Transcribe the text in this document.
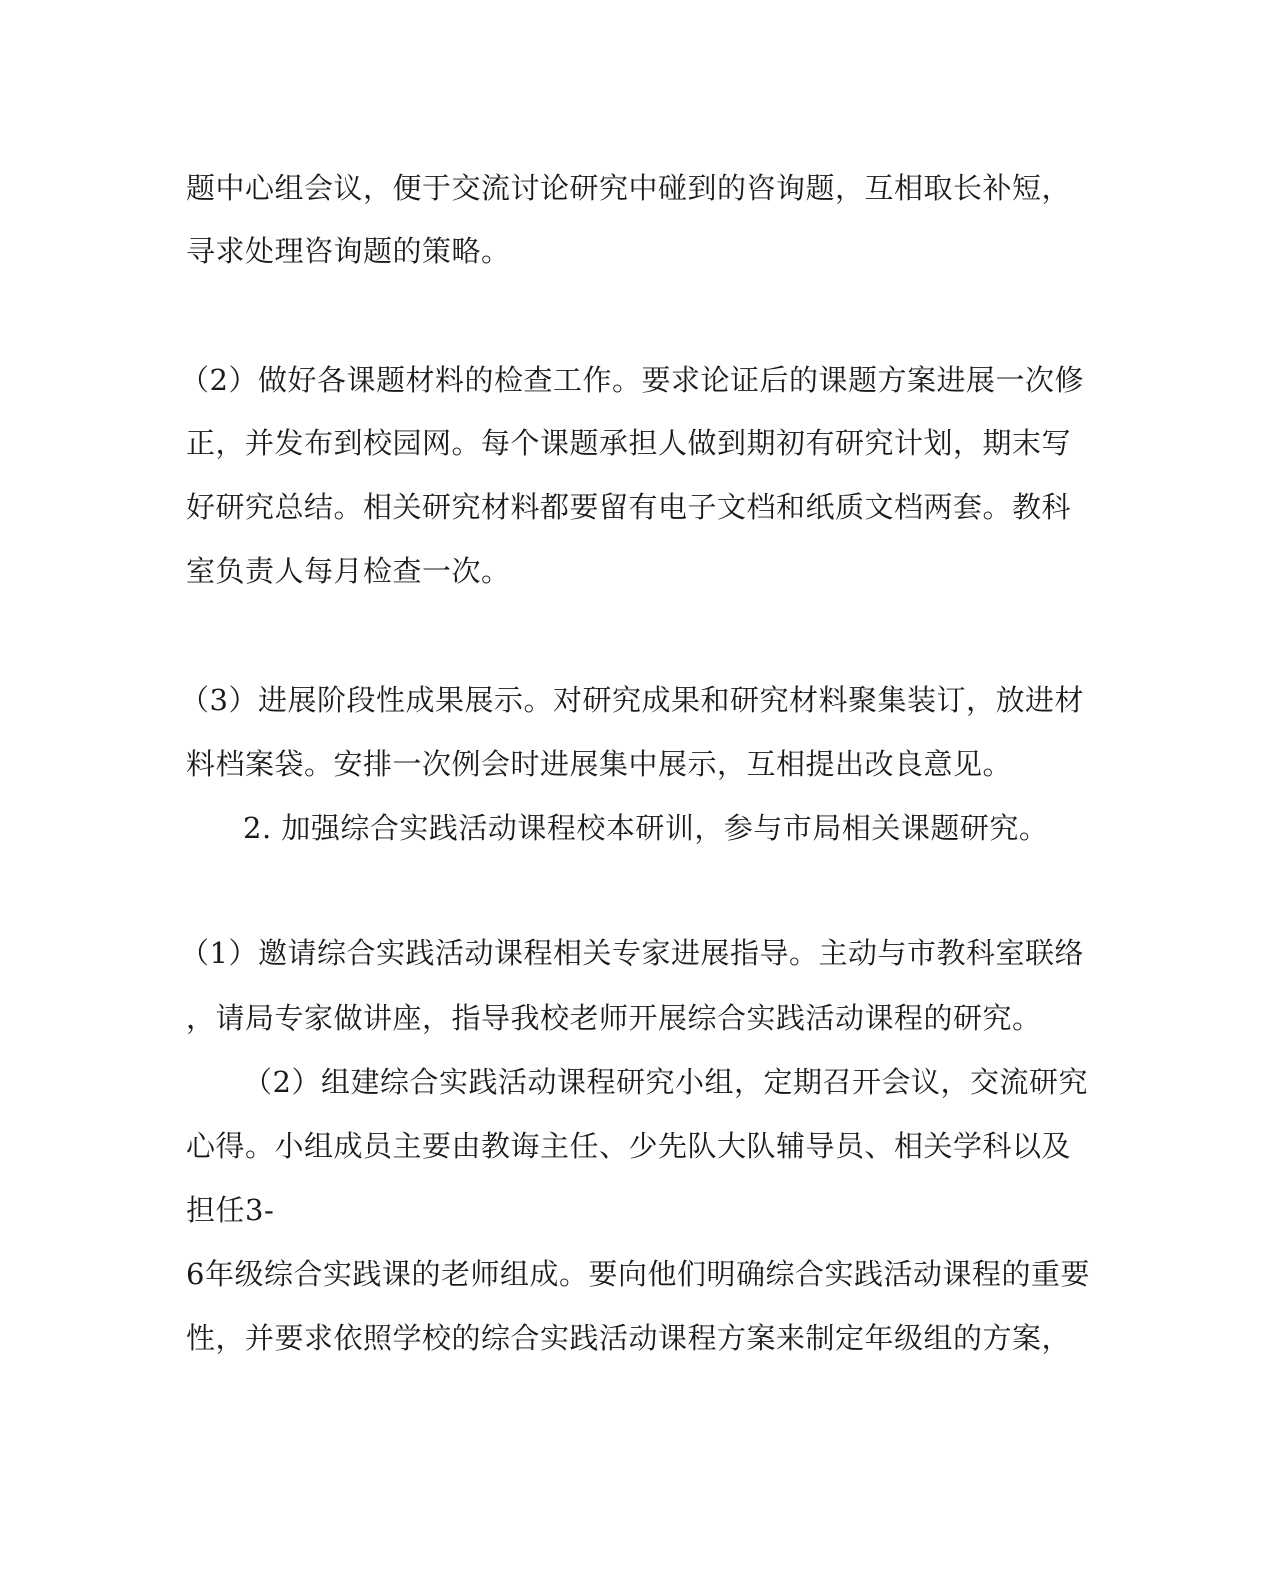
题中心组会议，便于交流讨论研究中碰到的咨询题，互相取长补短，
寻求处理咨询题的策略。
（2）做好各课题材料的检查工作。要求论证后的课题方案进展一次修
正，并发布到校园网。每个课题承担人做到期初有研究计划，期末写
好研究总结。相关研究材料都要留有电子文档和纸质文档两套。教科
室负责人每月检查一次。
（3）进展阶段性成果展示。对研究成果和研究材料聚集装订，放进材
料档案袋。安排一次例会时进展集中展示，互相提出改良意见。
2. 加强综合实践活动课程校本研训，参与市局相关课题研究。
（1）邀请综合实践活动课程相关专家进展指导。主动与市教科室联络
，请局专家做讲座，指导我校老师开展综合实践活动课程的研究。
（2）组建综合实践活动课程研究小组，定期召开会议，交流研究
心得。小组成员主要由教诲主任、少先队大队辅导员、相关学科以及
担任3-
6年级综合实践课的老师组成。要向他们明确综合实践活动课程的重要
性，并要求依照学校的综合实践活动课程方案来制定年级组的方案，
